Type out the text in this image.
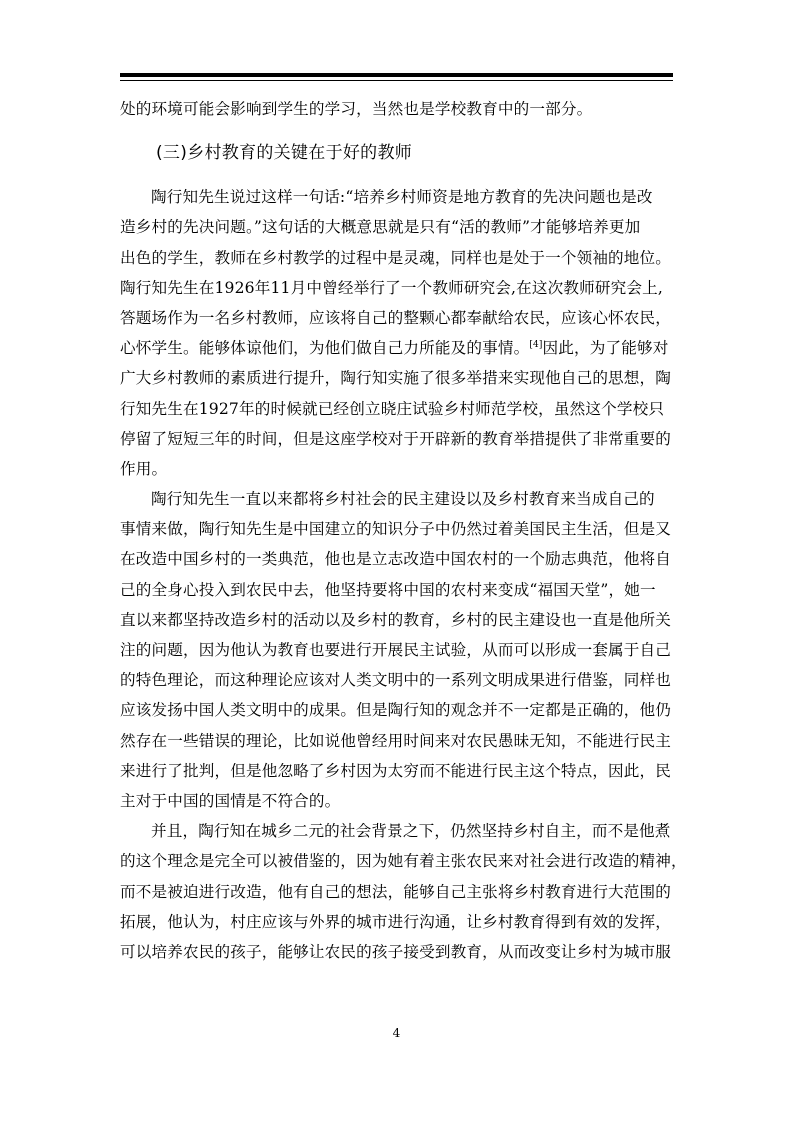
处的环境可能会影响到学生的学习，当然也是学校教育中的一部分。
(三)乡村教育的关键在于好的教师
陶行知先生说过这样一句话:“培养乡村师资是地方教育的先决问题也是改
造乡村的先决问题。”这句话的大概意思就是只有“活的教师”才能够培养更加
出色的学生，教师在乡村教学的过程中是灵魂，同样也是处于一个领袖的地位。
陶行知先生在1926年11月中曾经举行了一个教师研究会,在这次教师研究会上,
答题场作为一名乡村教师，应该将自己的整颗心都奉献给农民，应该心怀农民，
心怀学生。能够体谅他们，为他们做自己力所能及的事情。[4]因此，为了能够对
广大乡村教师的素质进行提升，陶行知实施了很多举措来实现他自己的思想，陶
行知先生在1927年的时候就已经创立晓庄试验乡村师范学校，虽然这个学校只
停留了短短三年的时间，但是这座学校对于开辟新的教育举措提供了非常重要的
作用。
陶行知先生一直以来都将乡村社会的民主建设以及乡村教育来当成自己的
事情来做，陶行知先生是中国建立的知识分子中仍然过着美国民主生活，但是又
在改造中国乡村的一类典范，他也是立志改造中国农村的一个励志典范，他将自
己的全身心投入到农民中去，他坚持要将中国的农村来变成“福国天堂”，她一
直以来都坚持改造乡村的活动以及乡村的教育，乡村的民主建设也一直是他所关
注的问题，因为他认为教育也要进行开展民主试验，从而可以形成一套属于自己
的特色理论，而这种理论应该对人类文明中的一系列文明成果进行借鉴，同样也
应该发扬中国人类文明中的成果。但是陶行知的观念并不一定都是正确的，他仍
然存在一些错误的理论，比如说他曾经用时间来对农民愚昧无知，不能进行民主
来进行了批判，但是他忽略了乡村因为太穷而不能进行民主这个特点，因此，民
主对于中国的国情是不符合的。
并且，陶行知在城乡二元的社会背景之下，仍然坚持乡村自主，而不是他煮
的这个理念是完全可以被借鉴的，因为她有着主张农民来对社会进行改造的精神，
而不是被迫进行改造，他有自己的想法，能够自己主张将乡村教育进行大范围的
拓展，他认为，村庄应该与外界的城市进行沟通，让乡村教育得到有效的发挥，
可以培养农民的孩子，能够让农民的孩子接受到教育，从而改变让乡村为城市服
4
